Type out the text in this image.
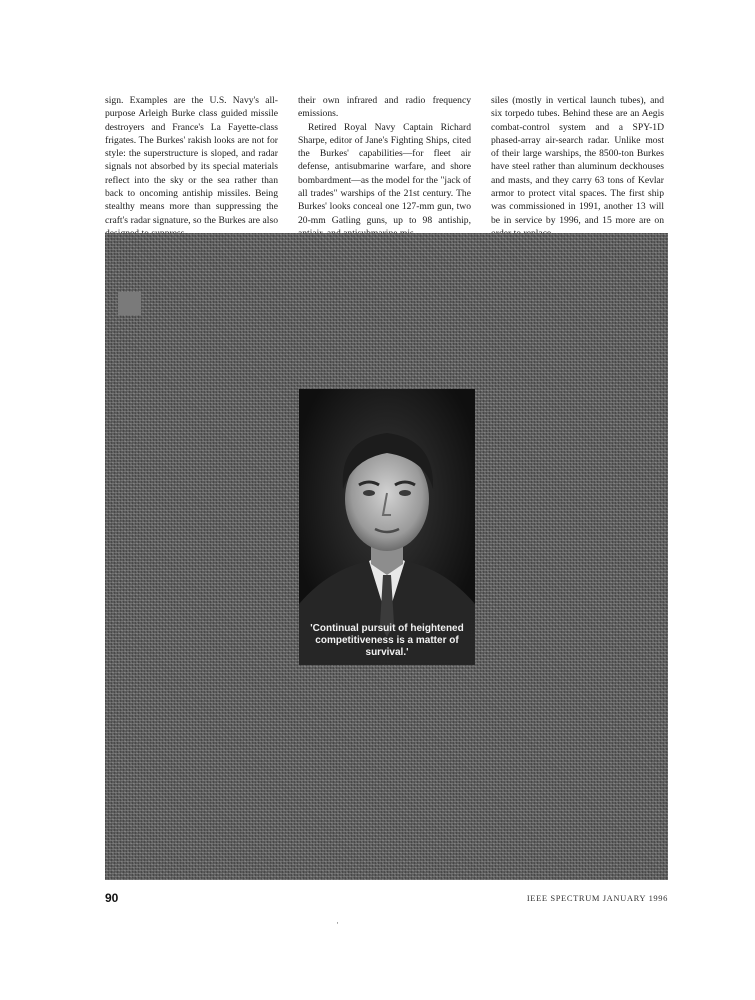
sign. Examples are the U.S. Navy's all-purpose Arleigh Burke class guided missile destroyers and France's La Fayette-class frigates. The Burkes' rakish looks are not for style: the superstructure is sloped, and radar signals not absorbed by its special materials reflect into the sky or the sea rather than back to oncoming antiship missiles. Being stealthy means more than suppressing the craft's radar signature, so the Burkes are also

their own infrared and radio frequency emissions.

Retired Royal Navy Captain Richard Sharpe, editor of Jane's Fighting Ships, cited the Burkes' capabilities—for fleet air defense, antisubmarine warfare, and shore bombardment—as the model for the "jack of all trades" warships of the 21st century. The Burkes' looks conceal one 127-mm gun, two 20-mm Gatling guns, up to 98 antiship,

siles (mostly in vertical launch tubes), and six torpedo tubes. Behind these are an Aegis combat-control system and a SPY-1D phased-array air-search radar. Unlike most of their large warships, the 8500-ton Burkes have steel rather than aluminum deckhouses and masts, and they carry 63 tons of Kevlar armor to protect vital spaces. The first ship was commissioned in 1991, another 13 will be in service by 1996, and 15 more are on

■
'Continual pursuit of heightened competitiveness is a matter of survival.'
90	IEEE SPECTRUM JANUARY 1996
·
